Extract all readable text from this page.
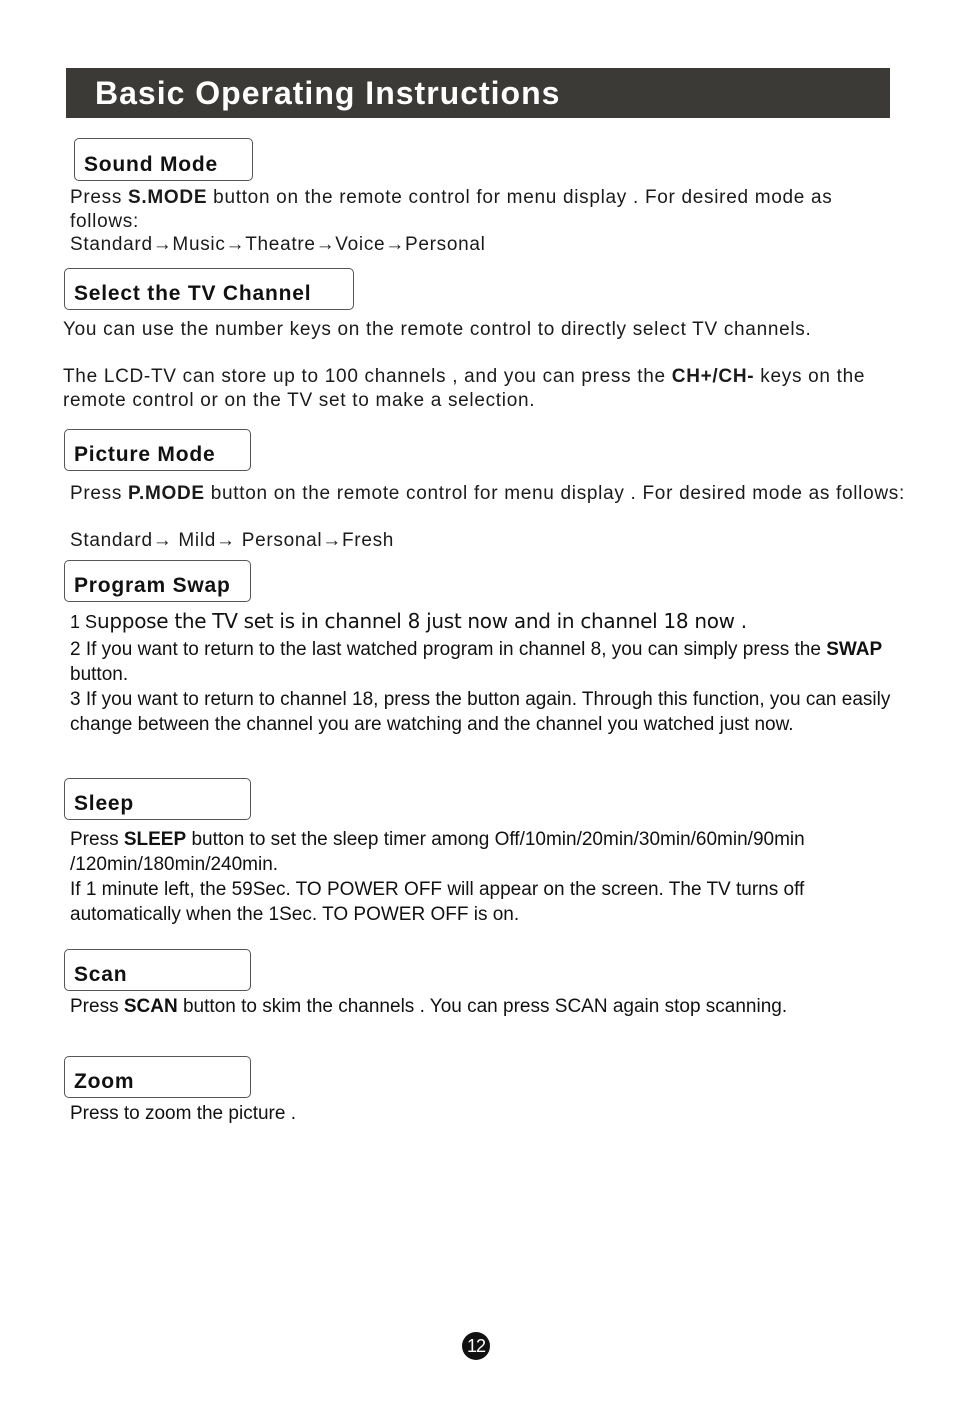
Basic Operating Instructions
Sound Mode

Press S.MODE button on the remote control for menu display . For desired mode as follows:

Standard→Music→Theatre→Voice→Personal

Select the TV Channel

You can use the number keys on the remote control to directly select TV channels.

The LCD-TV can store up to 100 channels , and you can press the CH+/CH- keys on the remote control or on the TV set to make a selection.

Picture Mode

Press P.MODE button on the remote control for menu display . For desired mode as follows:

Standard→ Mild→ Personal→Fresh

Program Swap

1 Suppose the TV set is in channel 8 just now and in channel 18 now .

2 If you want to return to the last watched program in channel 8, you can simply press the SWAP button.

3 If you want to return to channel 18, press the button again. Through this function, you can easily change between the channel you are watching and the channel you watched just now.

Sleep

Press SLEEP button to set the sleep timer among Off/10min/20min/30min/60min/90min /120min/180min/240min.

If 1 minute left, the 59Sec. TO POWER OFF will appear on the screen. The TV turns off automatically when the 1Sec. TO POWER OFF is on.

Scan

Press SCAN button to skim the channels . You can press SCAN again stop scanning.

Zoom

Press to zoom the picture .

12
